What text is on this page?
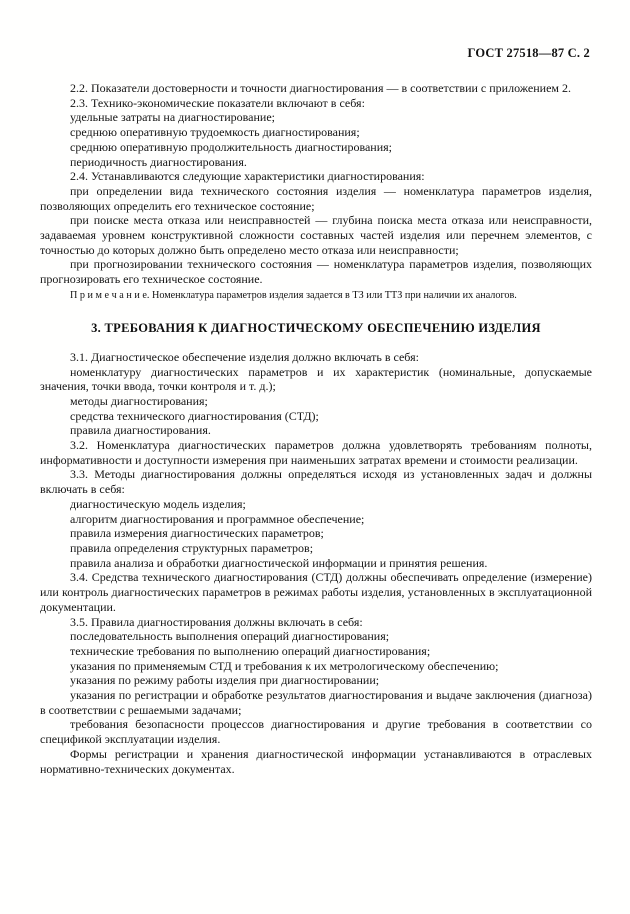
ГОСТ 27518—87 С. 2

2.2. Показатели достоверности и точности диагностирования — в соответствии с приложением 2.

2.3. Технико-экономические показатели включают в себя:

удельные затраты на диагностирование;

среднюю оперативную трудоемкость диагностирования;

среднюю оперативную продолжительность диагностирования;

периодичность диагностирования.

2.4. Устанавливаются следующие характеристики диагностирования:

при определении вида технического состояния изделия — номенклатура параметров изделия, позволяющих определить его техническое состояние;

при поиске места отказа или неисправностей — глубина поиска места отказа или неисправности, задаваемая уровнем конструктивной сложности составных частей изделия или перечнем элементов, с точностью до которых должно быть определено место отказа или неисправности;

при прогнозировании технического состояния — номенклатура параметров изделия, позволяющих прогнозировать его техническое состояние.

П р и м е ч а н и е. Номенклатура параметров изделия задается в ТЗ или ТТЗ при наличии их аналогов.

3. ТРЕБОВАНИЯ К ДИАГНОСТИЧЕСКОМУ ОБЕСПЕЧЕНИЮ ИЗДЕЛИЯ

3.1. Диагностическое обеспечение изделия должно включать в себя:

номенклатуру диагностических параметров и их характеристик (номинальные, допускаемые значения, точки ввода, точки контроля и т. д.);

методы диагностирования;

средства технического диагностирования (СТД);

правила диагностирования.

3.2. Номенклатура диагностических параметров должна удовлетворять требованиям полноты, информативности и доступности измерения при наименьших затратах времени и стоимости реализации.

3.3. Методы диагностирования должны определяться исходя из установленных задач и должны включать в себя:

диагностическую модель изделия;

алгоритм диагностирования и программное обеспечение;

правила измерения диагностических параметров;

правила определения структурных параметров;

правила анализа и обработки диагностической информации и принятия решения.

3.4. Средства технического диагностирования (СТД) должны обеспечивать определение (измерение) или контроль диагностических параметров в режимах работы изделия, установленных в эксплуатационной документации.

3.5. Правила диагностирования должны включать в себя:

последовательность выполнения операций диагностирования;

технические требования по выполнению операций диагностирования;

указания по применяемым СТД и требования к их метрологическому обеспечению;

указания по режиму работы изделия при диагностировании;

указания по регистрации и обработке результатов диагностирования и выдаче заключения (диагноза) в соответствии с решаемыми задачами;

требования безопасности процессов диагностирования и другие требования в соответствии со спецификой эксплуатации изделия.

Формы регистрации и хранения диагностической информации устанавливаются в отраслевых нормативно-технических документах.
